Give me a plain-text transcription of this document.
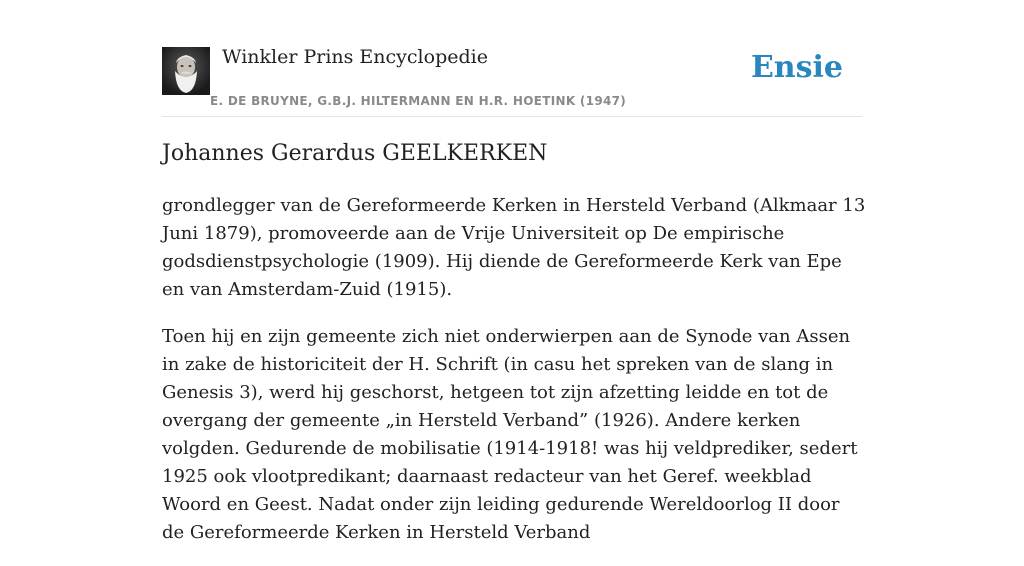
Winkler Prins Encyclopedie
E. DE BRUYNE, G.B.J. HILTERMANN EN H.R. HOETINK (1947)
Ensie
Johannes Gerardus GEELKERKEN

grondlegger van de Gereformeerde Kerken in Hersteld Verband (Alkmaar 13 Juni 1879), promoveerde aan de Vrije Universiteit op De empirische godsdienstpsychologie (1909). Hij diende de Gereformeerde Kerk van Epe en van Amsterdam-Zuid (1915).

Toen hij en zijn gemeente zich niet onderwierpen aan de Synode van Assen in zake de historiciteit der H. Schrift (in casu het spreken van de slang in Genesis 3), werd hij geschorst, hetgeen tot zijn afzetting leidde en tot de overgang der gemeente „in Hersteld Verband” (1926). Andere kerken volgden. Gedurende de mobilisatie (1914-1918! was hij veldprediker, sedert 1925 ook vlootpredikant; daarnaast redacteur van het Geref. weekblad Woord en Geest. Nadat onder zijn leiding gedurende Wereldoorlog II door de Gereformeerde Kerken in Hersteld Verband
